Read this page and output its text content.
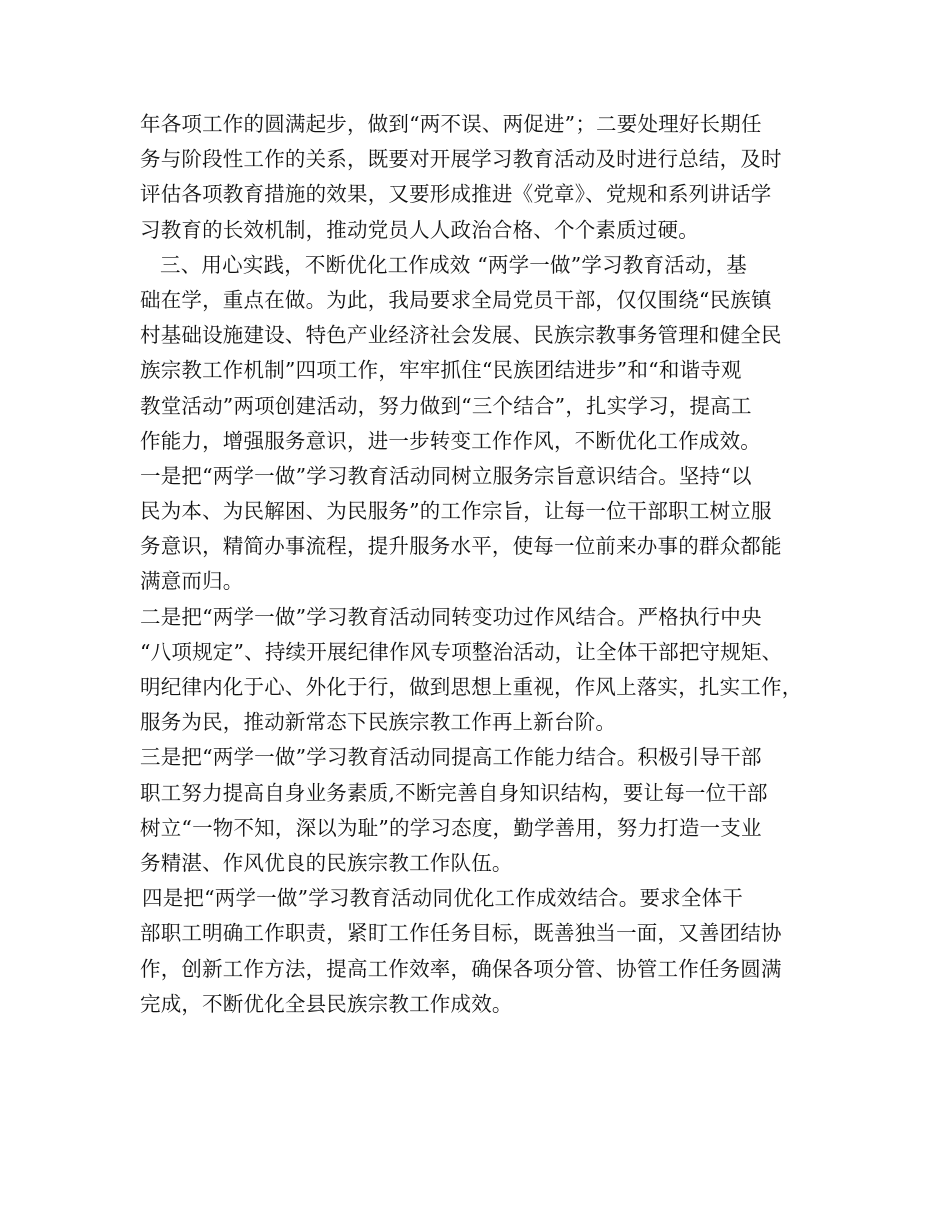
年各项工作的圆满起步，做到“两不误、两促进”；二要处理好长期任
务与阶段性工作的关系，既要对开展学习教育活动及时进行总结，及时
评估各项教育措施的效果，又要形成推进《党章》、党规和系列讲话学
习教育的长效机制，推动党员人人政治合格、个个素质过硬。
三、用心实践，不断优化工作成效 “两学一做”学习教育活动，基
础在学，重点在做。为此，我局要求全局党员干部，仅仅围绕“民族镇
村基础设施建设、特色产业经济社会发展、民族宗教事务管理和健全民
族宗教工作机制”四项工作，牢牢抓住“民族团结进步”和“和谐寺观
教堂活动”两项创建活动，努力做到“三个结合”，扎实学习，提高工
作能力，增强服务意识，进一步转变工作作风，不断优化工作成效。
一是把“两学一做”学习教育活动同树立服务宗旨意识结合。坚持“以
民为本、为民解困、为民服务”的工作宗旨，让每一位干部职工树立服
务意识，精简办事流程，提升服务水平，使每一位前来办事的群众都能
满意而归。
二是把“两学一做”学习教育活动同转变功过作风结合。严格执行中央
“八项规定”、持续开展纪律作风专项整治活动，让全体干部把守规矩、
明纪律内化于心、外化于行，做到思想上重视，作风上落实，扎实工作，
服务为民，推动新常态下民族宗教工作再上新台阶。
三是把“两学一做”学习教育活动同提高工作能力结合。积极引导干部
职工努力提高自身业务素质,不断完善自身知识结构，要让每一位干部
树立“一物不知，深以为耻”的学习态度，勤学善用，努力打造一支业
务精湛、作风优良的民族宗教工作队伍。
四是把“两学一做”学习教育活动同优化工作成效结合。要求全体干
部职工明确工作职责，紧盯工作任务目标，既善独当一面，又善团结协
作，创新工作方法，提高工作效率，确保各项分管、协管工作任务圆满
完成，不断优化全县民族宗教工作成效。
